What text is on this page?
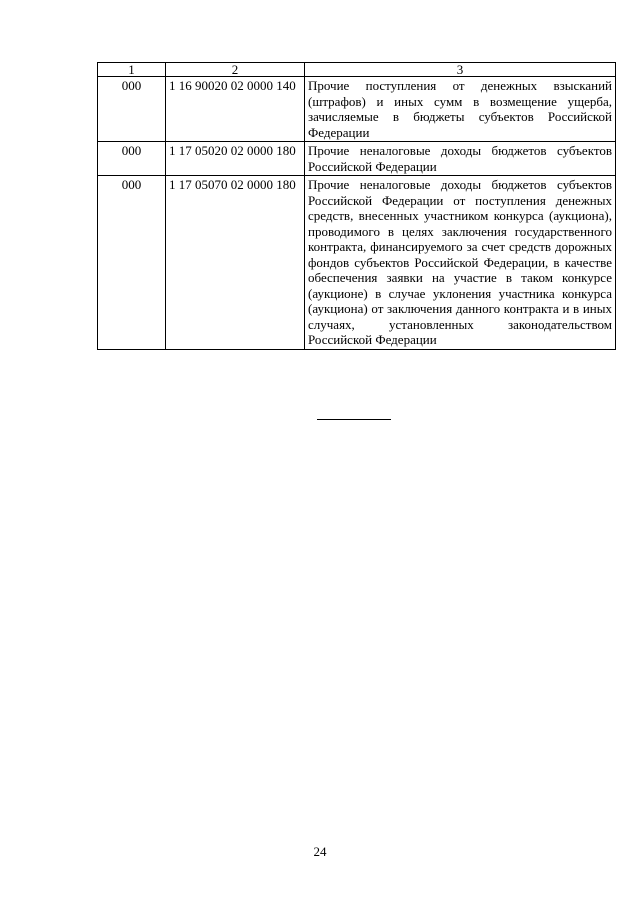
1	2	3
000	1 16 90020 02 0000 140	Прочие поступления от денежных взысканий (штрафов) и иных сумм в возмещение ущерба, зачисляемые в бюджеты субъектов Российской Федерации
000	1 17 05020 02 0000 180	Прочие неналоговые доходы бюджетов субъектов Российской Федерации
000	1 17 05070 02 0000 180	Прочие неналоговые доходы бюджетов субъектов Российской Федерации от поступления денежных средств, внесенных участником конкурса (аукциона), проводимого в целях заключения государственного контракта, финансируемого за счет средств дорожных фондов субъектов Российской Федерации, в качестве обеспечения заявки на участие в таком конкурсе (аукционе) в случае уклонения участника конкурса (аукциона) от заключения данного контракта и в иных случаях, установленных законодательством Российской Федерации
24
